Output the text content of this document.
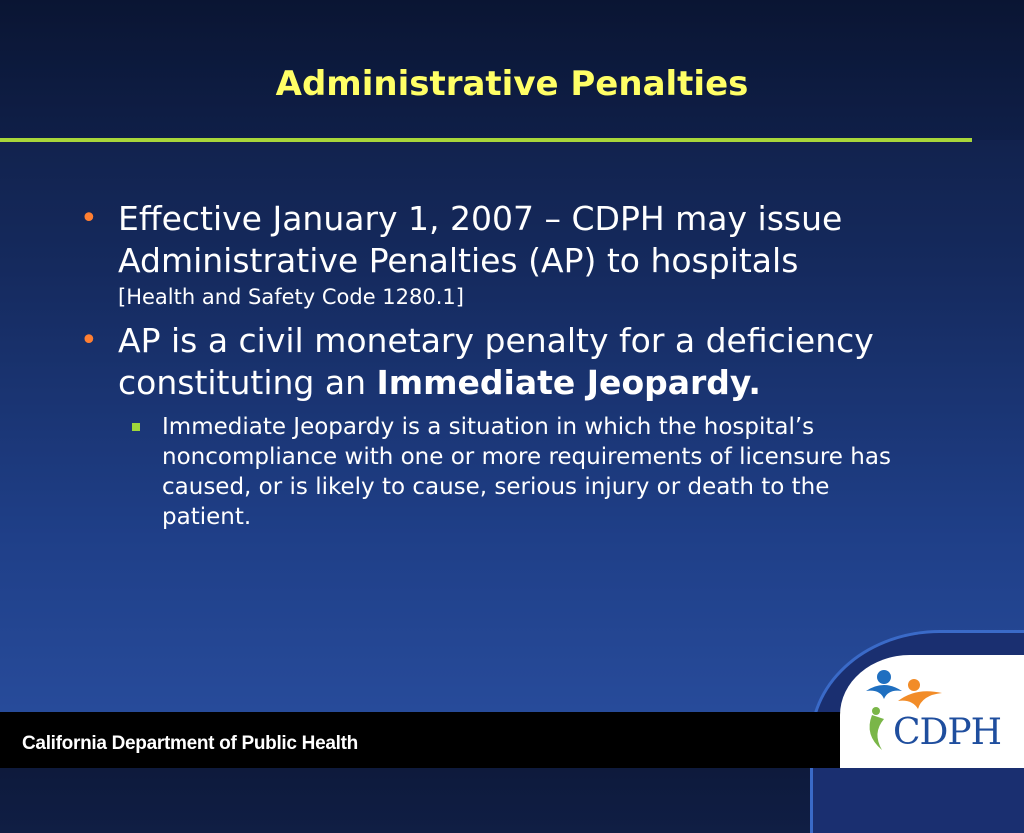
Administrative Penalties
• Effective January 1, 2007 – CDPH may issue Administrative Penalties (AP) to hospitals
[Health and Safety Code 1280.1]
• AP is a civil monetary penalty for a deficiency constituting an Immediate Jeopardy.
Immediate Jeopardy is a situation in which the hospital’s noncompliance with one or more requirements of licensure has caused, or is likely to cause, serious injury or death to the patient.
California Department of Public Health	CDPH
